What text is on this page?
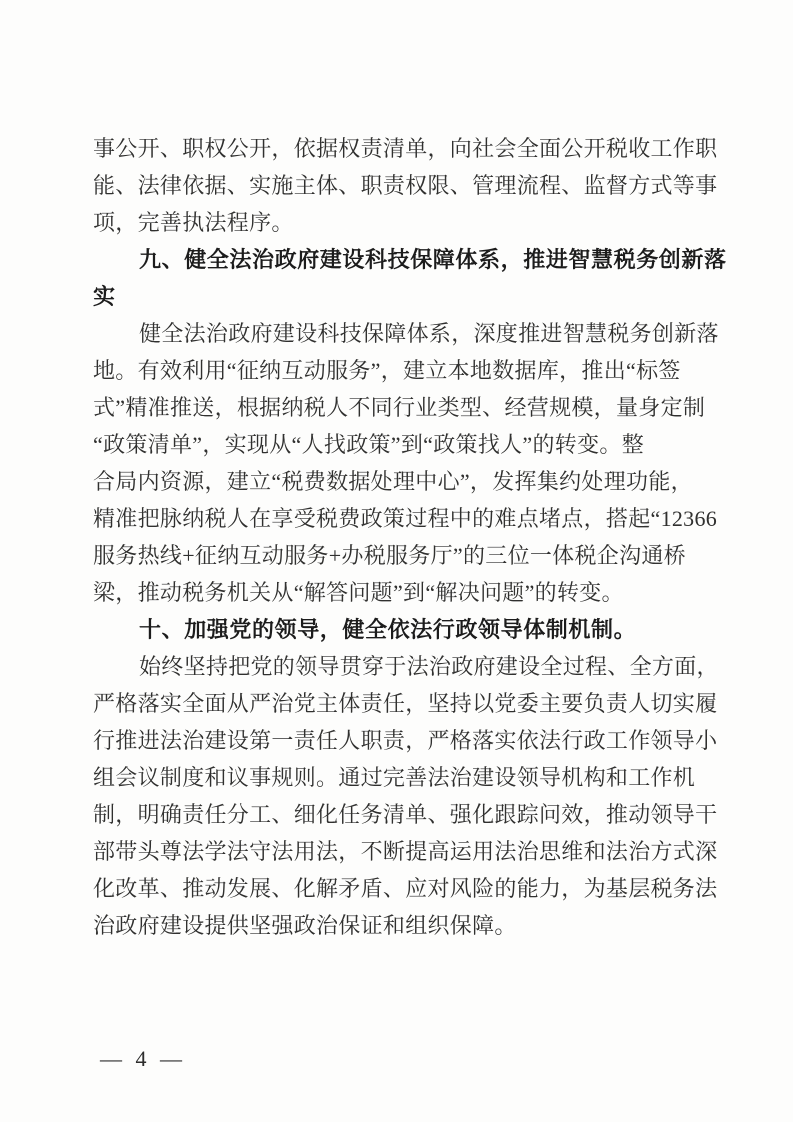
事公开、职权公开，依据权责清单，向社会全面公开税收工作职
能、法律依据、实施主体、职责权限、管理流程、监督方式等事
项，完善执法程序。
九、健全法治政府建设科技保障体系，推进智慧税务创新落
实
健全法治政府建设科技保障体系，深度推进智慧税务创新落
地。有效利用“征纳互动服务”，建立本地数据库，推出“标签
式”精准推送，根据纳税人不同行业类型、经营规模，量身定制
“政策清单”，实现从“人找政策”到“政策找人”的转变。整
合局内资源，建立“税费数据处理中心”，发挥集约处理功能，
精准把脉纳税人在享受税费政策过程中的难点堵点，搭起“12366
服务热线+征纳互动服务+办税服务厅”的三位一体税企沟通桥
梁，推动税务机关从“解答问题”到“解决问题”的转变。
十、加强党的领导，健全依法行政领导体制机制。
始终坚持把党的领导贯穿于法治政府建设全过程、全方面，
严格落实全面从严治党主体责任，坚持以党委主要负责人切实履
行推进法治建设第一责任人职责，严格落实依法行政工作领导小
组会议制度和议事规则。通过完善法治建设领导机构和工作机
制，明确责任分工、细化任务清单、强化跟踪问效，推动领导干
部带头尊法学法守法用法，不断提高运用法治思维和法治方式深
化改革、推动发展、化解矛盾、应对风险的能力，为基层税务法
治政府建设提供坚强政治保证和组织保障。
— 4 —
